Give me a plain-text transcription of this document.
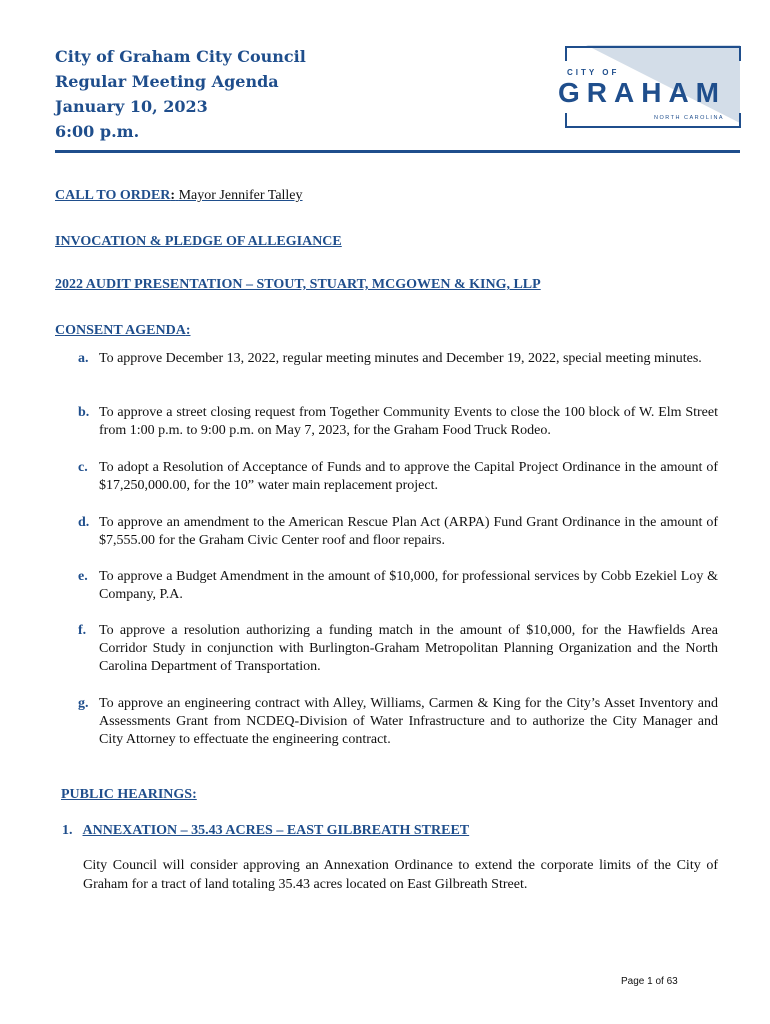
City of Graham City Council
Regular Meeting Agenda
January 10, 2023
6:00 p.m.
CITY OF
GRAHAM
NORTH CAROLINA
CALL TO ORDER: Mayor Jennifer Talley
INVOCATION & PLEDGE OF ALLEGIANCE
2022 AUDIT PRESENTATION – STOUT, STUART, MCGOWEN & KING, LLP
CONSENT AGENDA:
a. To approve December 13, 2022, regular meeting minutes and December 19, 2022, special meeting minutes.
b. To approve a street closing request from Together Community Events to close the 100 block of W. Elm Street from 1:00 p.m. to 9:00 p.m. on May 7, 2023, for the Graham Food Truck Rodeo.
c. To adopt a Resolution of Acceptance of Funds and to approve the Capital Project Ordinance in the amount of $17,250,000.00, for the 10” water main replacement project.
d. To approve an amendment to the American Rescue Plan Act (ARPA) Fund Grant Ordinance in the amount of $7,555.00 for the Graham Civic Center roof and floor repairs.
e. To approve a Budget Amendment in the amount of $10,000, for professional services by Cobb Ezekiel Loy & Company, P.A.
f. To approve a resolution authorizing a funding match in the amount of $10,000, for the Hawfields Area Corridor Study in conjunction with Burlington-Graham Metropolitan Planning Organization and the North Carolina Department of Transportation.
g. To approve an engineering contract with Alley, Williams, Carmen & King for the City’s Asset Inventory and Assessments Grant from NCDEQ-Division of Water Infrastructure and to authorize the City Manager and City Attorney to effectuate the engineering contract.
PUBLIC HEARINGS:
1. ANNEXATION – 35.43 ACRES – EAST GILBREATH STREET
City Council will consider approving an Annexation Ordinance to extend the corporate limits of the City of Graham for a tract of land totaling 35.43 acres located on East Gilbreath Street.
Page 1 of 63
